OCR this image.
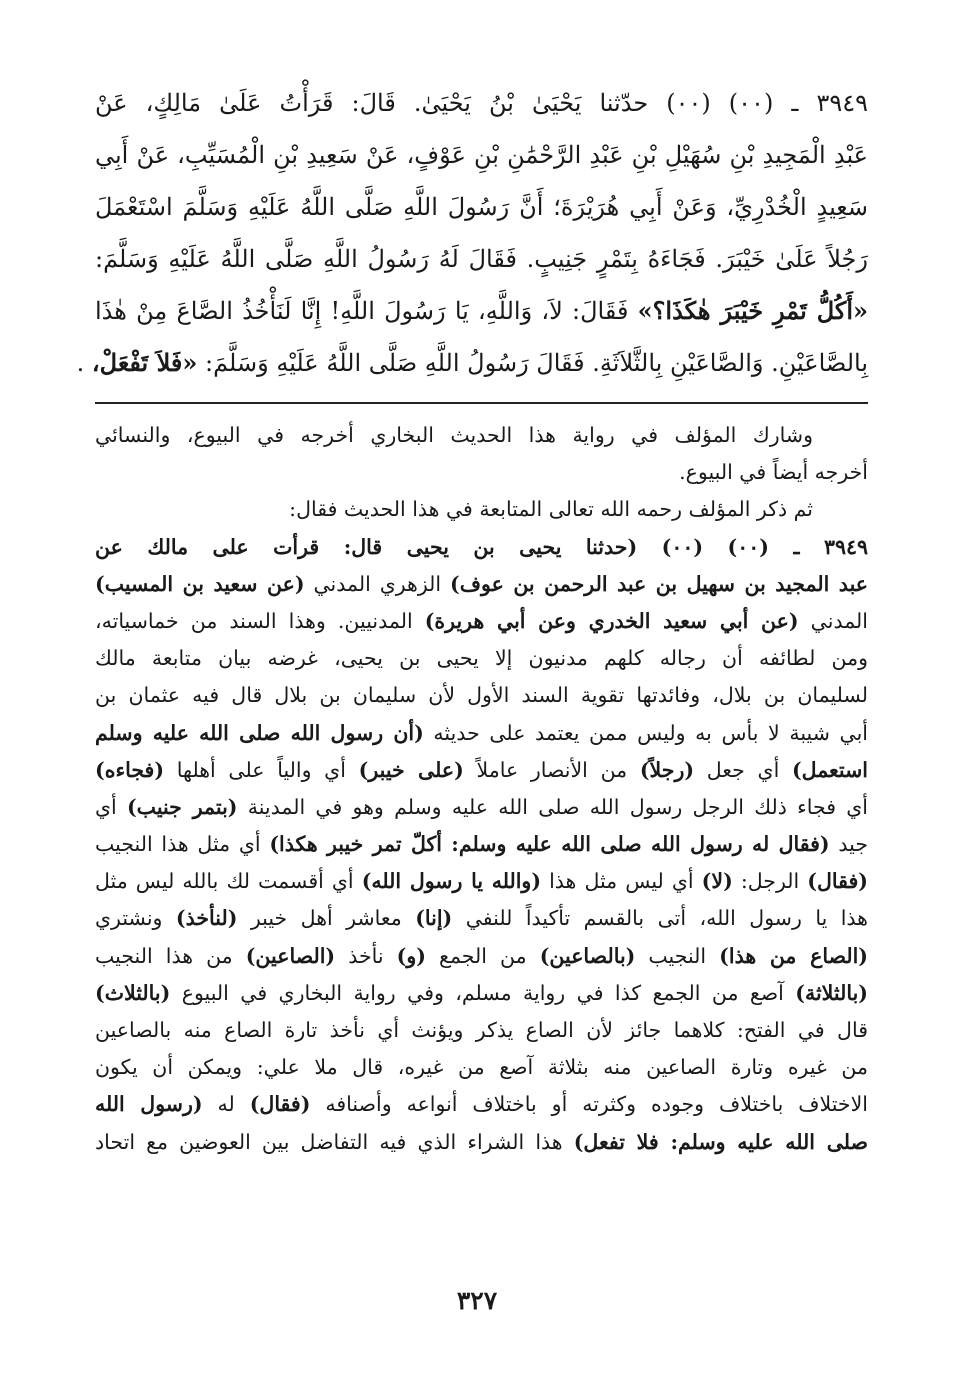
٣٩٤٩ ـ (٠٠) (٠٠) حدّثنا يَحْيَىٰ بْنُ يَحْيَىٰ. قَالَ: قَرَأْتُ عَلَىٰ مَالِكٍ، عَنْ
عَبْدِ الْمَجِيدِ بْنِ سُهَيْلِ بْنِ عَبْدِ الرَّحْمَٰنِ بْنِ عَوْفٍ، عَنْ سَعِيدِ بْنِ الْمُسَيِّبِ، عَنْ أَبِي
سَعِيدٍ الْخُدْرِيِّ، وَعَنْ أَبِي هُرَيْرَةَ؛ أَنَّ رَسُولَ اللَّهِ صَلَّى اللَّهُ عَلَيْهِ وَسَلَّمَ اسْتَعْمَلَ
رَجُلاً عَلَىٰ خَيْبَرَ. فَجَاءَهُ بِتَمْرٍ جَنِيبٍ. فَقَالَ لَهُ رَسُولُ اللَّهِ صَلَّى اللَّهُ عَلَيْهِ وَسَلَّمَ:
«أَكُلُّ تَمْرِ خَيْبَرَ هٰكَذَا؟» فَقَالَ: لاَ، وَاللَّهِ، يَا رَسُولَ اللَّهِ! إِنَّا لَنَأْخُذُ الصَّاعَ مِنْ هٰذَا
بِالصَّاعَيْنِ. وَالصَّاعَيْنِ بِالثَّلاَثَةِ. فَقَالَ رَسُولُ اللَّهِ صَلَّى اللَّهُ عَلَيْهِ وَسَلَّمَ: «فَلاَ تَفْعَلْ، .
وشارك المؤلف في رواية هذا الحديث البخاري أخرجه في البيوع، والنسائي
أخرجه أيضاً في البيوع.
ثم ذكر المؤلف رحمه الله تعالى المتابعة في هذا الحديث فقال:
٣٩٤٩ ـ (٠٠) (٠٠) (حدثنا يحيى بن يحيى قال: قرأت على مالك عن
عبد المجيد بن سهيل بن عبد الرحمن بن عوف) الزهري المدني (عن سعيد بن المسيب)
المدني (عن أبي سعيد الخدري وعن أبي هريرة) المدنيين. وهذا السند من خماسياته،
ومن لطائفه أن رجاله كلهم مدنيون إلا يحيى بن يحيى، غرضه بيان متابعة مالك
لسليمان بن بلال، وفائدتها تقوية السند الأول لأن سليمان بن بلال قال فيه عثمان بن
أبي شيبة لا بأس به وليس ممن يعتمد على حديثه (أن رسول الله صلى الله عليه وسلم
استعمل) أي جعل (رجلاً) من الأنصار عاملاً (على خيبر) أي والياً على أهلها (فجاءه)
أي فجاء ذلك الرجل رسول الله صلى الله عليه وسلم وهو في المدينة (بتمر جنيب) أي
جيد (فقال له رسول الله صلى الله عليه وسلم: أكلّ تمر خيبر هكذا) أي مثل هذا النجيب
(فقال) الرجل: (لا) أي ليس مثل هذا (والله يا رسول الله) أي أقسمت لك بالله ليس مثل
هذا يا رسول الله، أتى بالقسم تأكيداً للنفي (إنا) معاشر أهل خيبر (لنأخذ) ونشتري
(الصاع من هذا) النجيب (بالصاعين) من الجمع (و) نأخذ (الصاعين) من هذا النجيب
(بالثلاثة) آصع من الجمع كذا في رواية مسلم، وفي رواية البخاري في البيوع (بالثلاث)
قال في الفتح: كلاهما جائز لأن الصاع يذكر ويؤنث أي نأخذ تارة الصاع منه بالصاعين
من غيره وتارة الصاعين منه بثلاثة آصع من غيره، قال ملا علي: ويمكن أن يكون
الاختلاف باختلاف وجوده وكثرته أو باختلاف أنواعه وأصنافه (فقال) له (رسول الله
صلى الله عليه وسلم: فلا تفعل) هذا الشراء الذي فيه التفاضل بين العوضين مع اتحاد
٣٢٧
